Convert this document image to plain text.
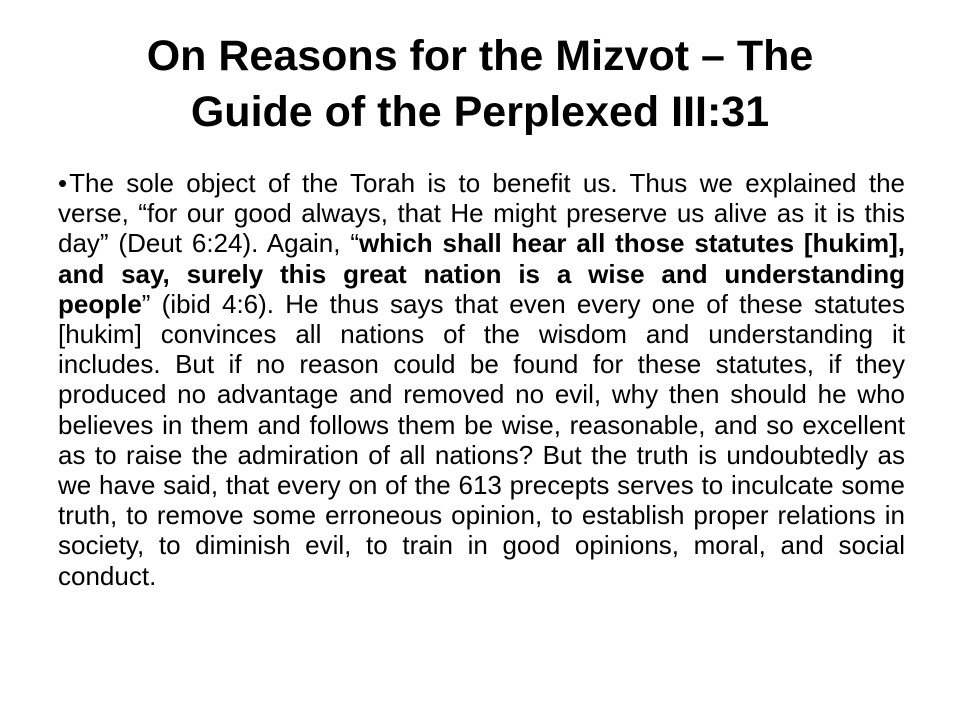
On Reasons for the Mizvot – The
Guide of the Perplexed III:31

•The sole object of the Torah is to benefit us. Thus we explained the verse, “for our good always, that He might preserve us alive as it is this day” (Deut 6:24). Again, “which shall hear all those statutes [hukim], and say, surely this great nation is a wise and understanding people” (ibid 4:6). He thus says that even every one of these statutes [hukim] convinces all nations of the wisdom and understanding it includes. But if no reason could be found for these statutes, if they produced no advantage and removed no evil, why then should he who believes in them and follows them be wise, reasonable, and so excellent as to raise the admiration of all nations? But the truth is undoubtedly as we have said, that every on of the 613 precepts serves to inculcate some truth, to remove some erroneous opinion, to establish proper relations in society, to diminish evil, to train in good opinions, moral, and social conduct.
